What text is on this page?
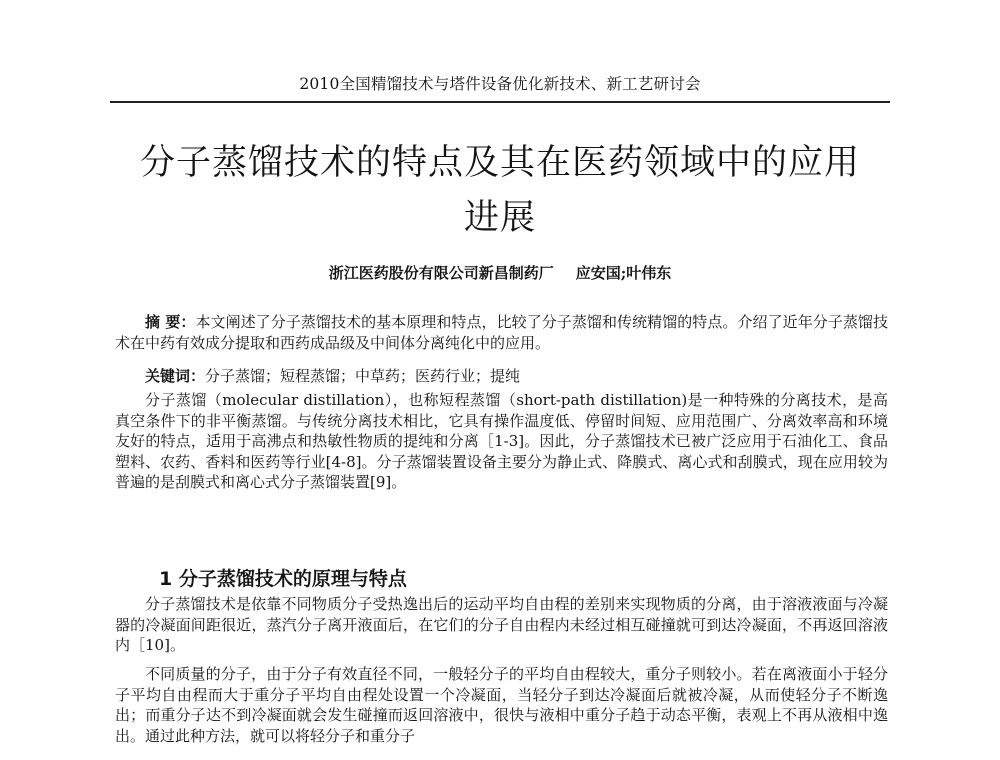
2010全国精馏技术与塔件设备优化新技术、新工艺研讨会
分子蒸馏技术的特点及其在医药领域中的应用
进展
浙江医药股份有限公司新昌制药厂 应安国;叶伟东

摘 要：本文阐述了分子蒸馏技术的基本原理和特点，比较了分子蒸馏和传统精馏的特点。介绍了近年分子蒸馏技术在中药有效成分提取和西药成品级及中间体分离纯化中的应用。

关键词：分子蒸馏；短程蒸馏；中草药；医药行业；提纯

分子蒸馏（molecular distillation），也称短程蒸馏（short-path distillation)是一种特殊的分离技术，是高真空条件下的非平衡蒸馏。与传统分离技术相比，它具有操作温度低、停留时间短、应用范围广、分离效率高和环境友好的特点，适用于高沸点和热敏性物质的提纯和分离［1-3]。因此，分子蒸馏技术已被广泛应用于石油化工、食品塑料、农药、香料和医药等行业[4-8]。分子蒸馏装置设备主要分为静止式、降膜式、离心式和刮膜式，现在应用较为普遍的是刮膜式和离心式分子蒸馏装置[9]。

1 分子蒸馏技术的原理与特点

分子蒸馏技术是依靠不同物质分子受热逸出后的运动平均自由程的差别来实现物质的分离，由于溶液液面与冷凝器的冷凝面间距很近，蒸汽分子离开液面后，在它们的分子自由程内未经过相互碰撞就可到达冷凝面，不再返回溶液内［10]。

不同质量的分子，由于分子有效直径不同，一般轻分子的平均自由程较大，重分子则较小。若在离液面小于轻分子平均自由程而大于重分子平均自由程处设置一个冷凝面，当轻分子到达冷凝面后就被冷凝，从而使轻分子不断逸出；而重分子达不到冷凝面就会发生碰撞而返回溶液中，很快与液相中重分子趋于动态平衡，表观上不再从液相中逸出。通过此种方法，就可以将轻分子和重分子
